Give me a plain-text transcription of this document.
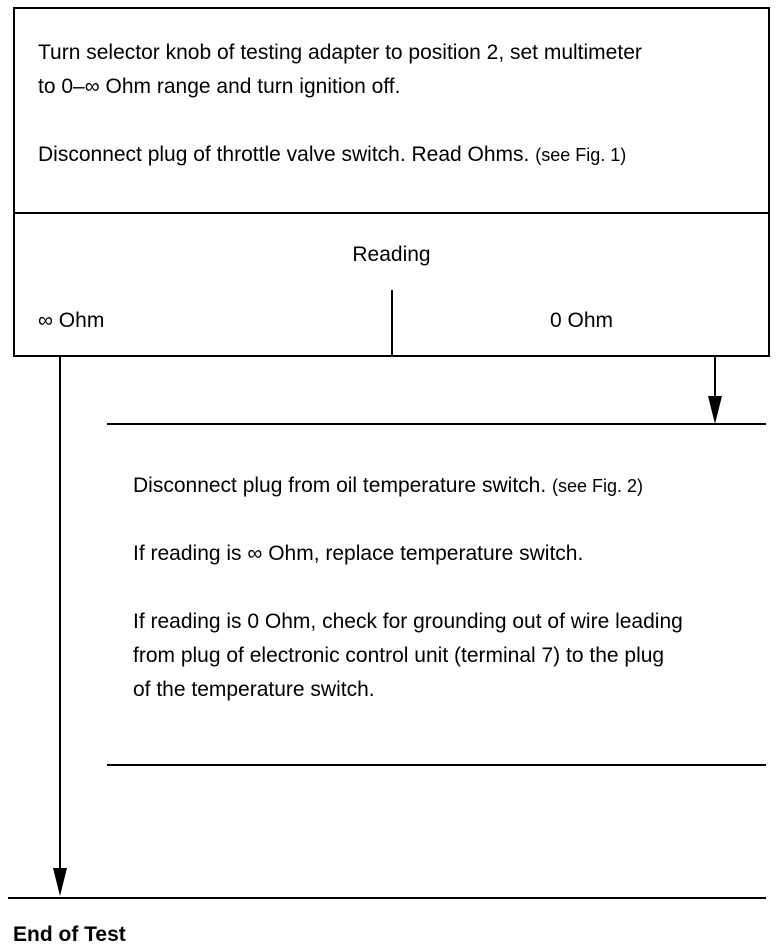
Turn selector knob of testing adapter to position 2, set multimeter
to 0–∞ Ohm range and turn ignition off.
Disconnect plug of throttle valve switch. Read Ohms. (see Fig. 1)
Reading
∞ Ohm	0 Ohm
Disconnect plug from oil temperature switch. (see Fig. 2)
If reading is ∞ Ohm, replace temperature switch.
If reading is 0 Ohm, check for grounding out of wire leading
from plug of electronic control unit (terminal 7) to the plug
of the temperature switch.
End of Test
